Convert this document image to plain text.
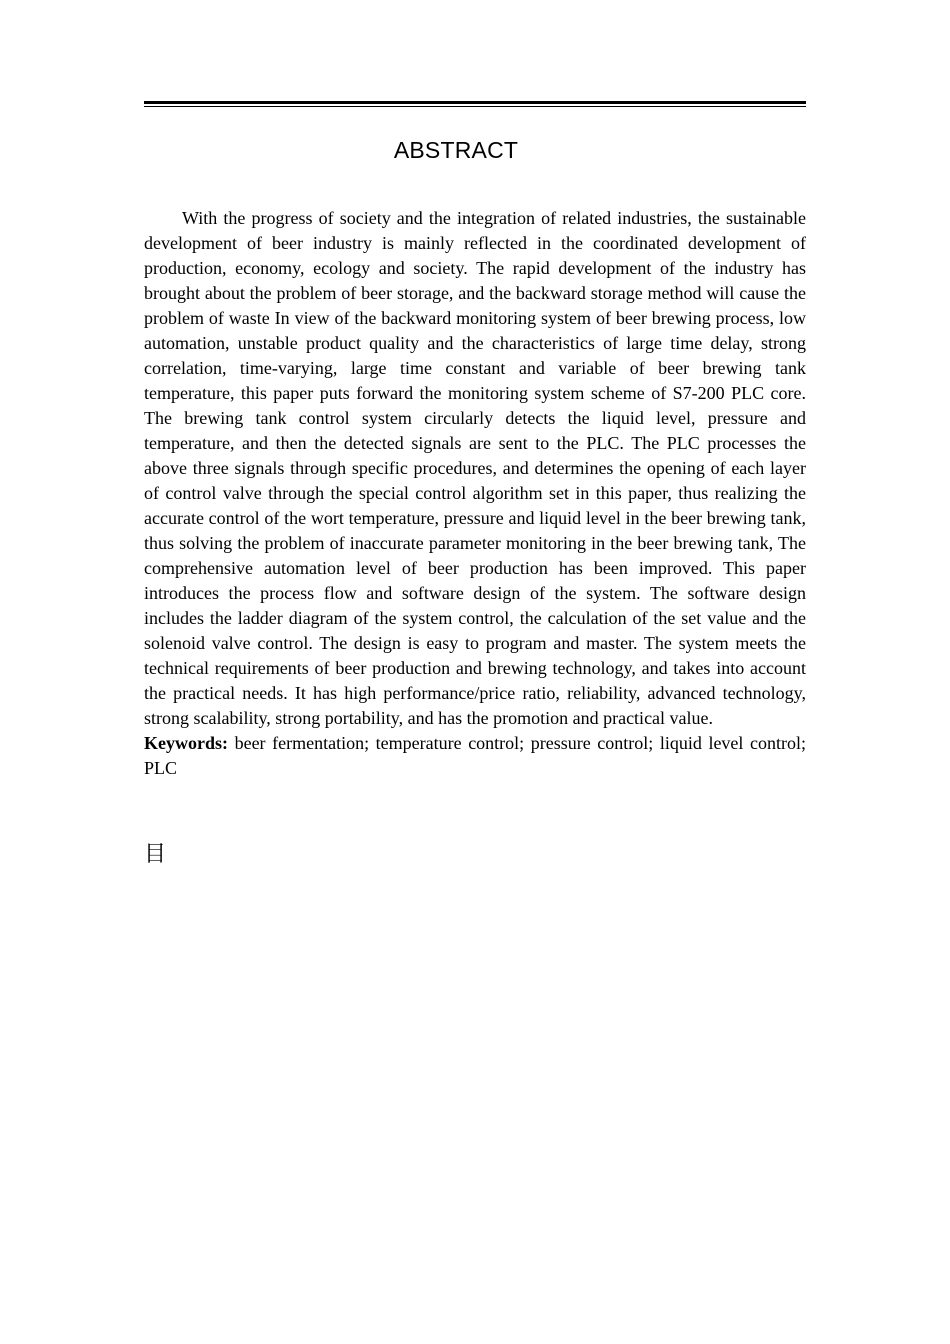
ABSTRACT

With the progress of society and the integration of related industries, the sustainable development of beer industry is mainly reflected in the coordinated development of production, economy, ecology and society. The rapid development of the industry has brought about the problem of beer storage, and the backward storage method will cause the problem of waste In view of the backward monitoring system of beer brewing process, low automation, unstable product quality and the characteristics of large time delay, strong correlation, time-varying, large time constant and variable of beer brewing tank temperature, this paper puts forward the monitoring system scheme of S7-200 PLC core. The brewing tank control system circularly detects the liquid level, pressure and temperature, and then the detected signals are sent to the PLC. The PLC processes the above three signals through specific procedures, and determines the opening of each layer of control valve through the special control algorithm set in this paper, thus realizing the accurate control of the wort temperature, pressure and liquid level in the beer brewing tank, thus solving the problem of inaccurate parameter monitoring in the beer brewing tank, The comprehensive automation level of beer production has been improved. This paper introduces the process flow and software design of the system. The software design includes the ladder diagram of the system control, the calculation of the set value and the solenoid valve control. The design is easy to program and master. The system meets the technical requirements of beer production and brewing technology, and takes into account the practical needs. It has high performance/price ratio, reliability, advanced technology, strong scalability, strong portability, and has the promotion and practical value.

Keywords: beer fermentation; temperature control; pressure control; liquid level control; PLC

目
